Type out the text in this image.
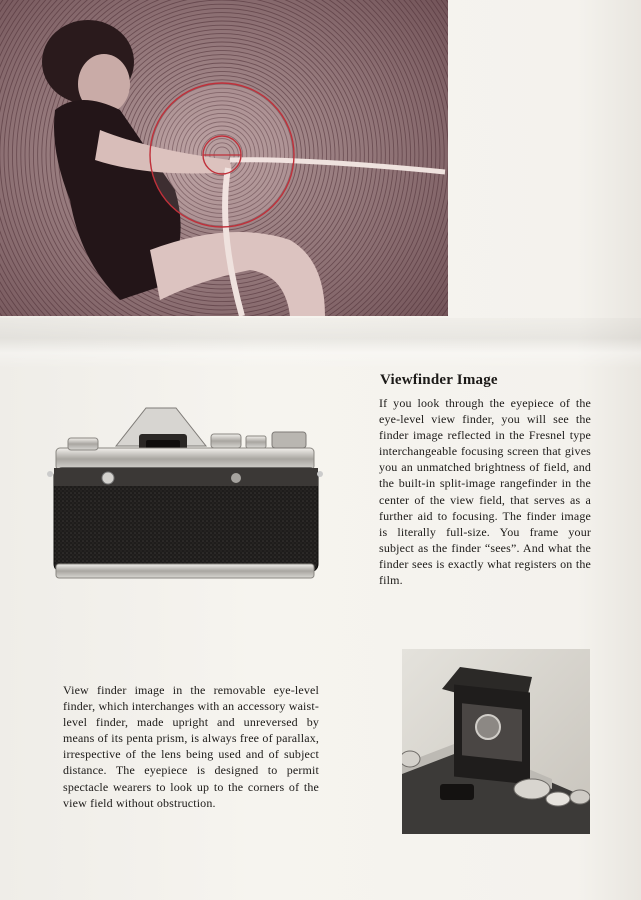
Viewfinder Image

If you look through the eyepiece of the eye-level view finder, you will see the finder image reflected in the Fresnel type interchangeable focusing screen that gives you an unmatched brightness of field, and the built-in split-image rangefinder in the center of the view field, that serves as a further aid to focusing. The finder image is literally full-size. You frame your subject as the finder “sees”. And what the finder sees is exactly what registers on the film.

View finder image in the removable eye-level finder, which interchanges with an accessory waist-level finder, made upright and unreversed by means of its penta prism, is always free of parallax, irrespective of the lens being used and of subject distance. The eyepiece is designed to permit spectacle wearers to look up to the corners of the view field without obstruction.
